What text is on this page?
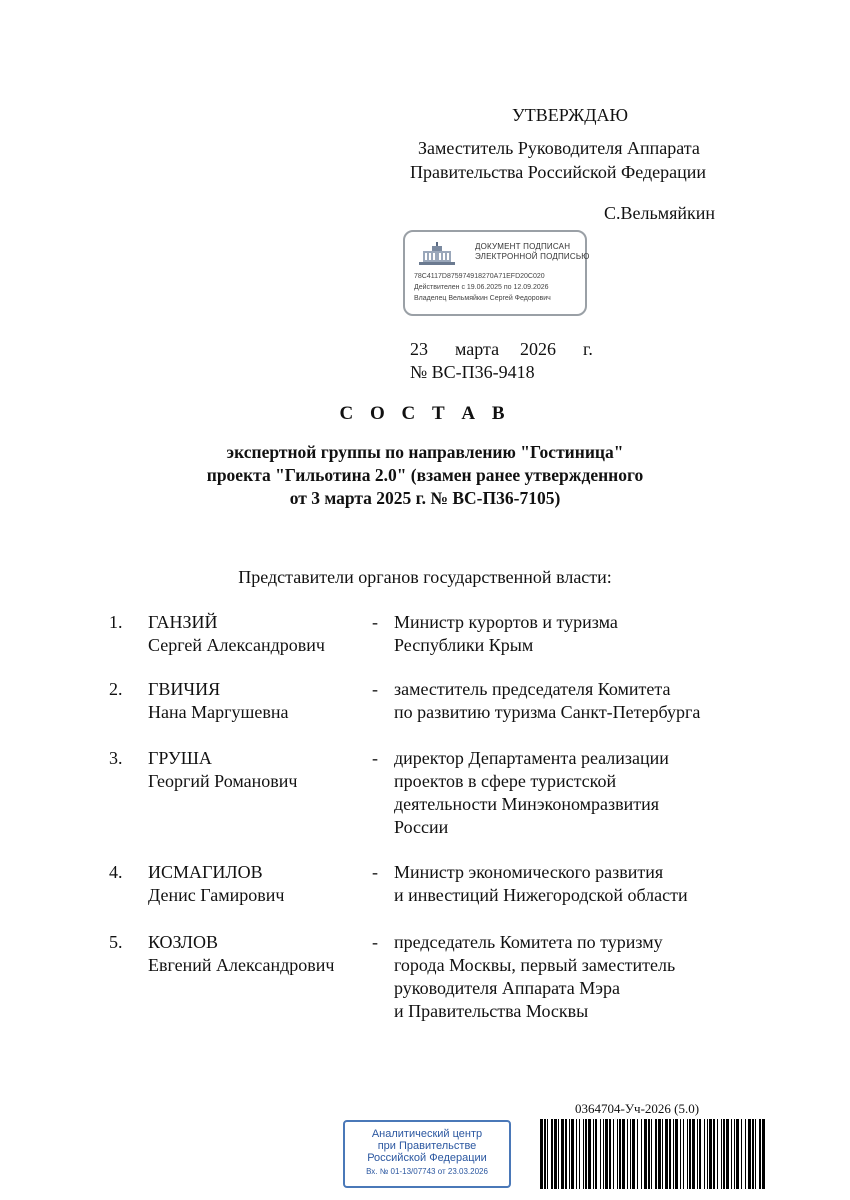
УТВЕРЖДАЮ
Заместитель Руководителя Аппарата
Правительства Российской Федерации
С.Вельмяйкин
ДОКУМЕНТ ПОДПИСАН
ЭЛЕКТРОННОЙ ПОДПИСЬЮ
78C4117D875974918270A71EFD20C020
Действителен с 19.06.2025 по 12.09.2026
Владелец Вельмяйкин Сергей Федорович
23 марта 2026 г.
№ ВС-П36-9418
С О С Т А В
экспертной группы по направлению "Гостиница"
проекта "Гильотина 2.0" (взамен ранее утвержденного
от 3 марта 2025 г. № ВС-П36-7105)
Представители органов государственной власти:
1. ГАНЗИЙ
Сергей Александрович
- Министр курортов и туризма
Республики Крым
2. ГВИЧИЯ
Нана Маргушевна
- заместитель председателя Комитета
по развитию туризма Санкт-Петербурга
3. ГРУША
Георгий Романович
- директор Департамента реализации
проектов в сфере туристской
деятельности Минэкономразвития
России
4. ИСМАГИЛОВ
Денис Гамирович
- Министр экономического развития
и инвестиций Нижегородской области
5. КОЗЛОВ
Евгений Александрович
- председатель Комитета по туризму
города Москвы, первый заместитель
руководителя Аппарата Мэра
и Правительства Москвы
Аналитический центр
при Правительстве
Российской Федерации
Вх. № 01-13/07743 от 23.03.2026
0364704-Уч-2026 (5.0)
